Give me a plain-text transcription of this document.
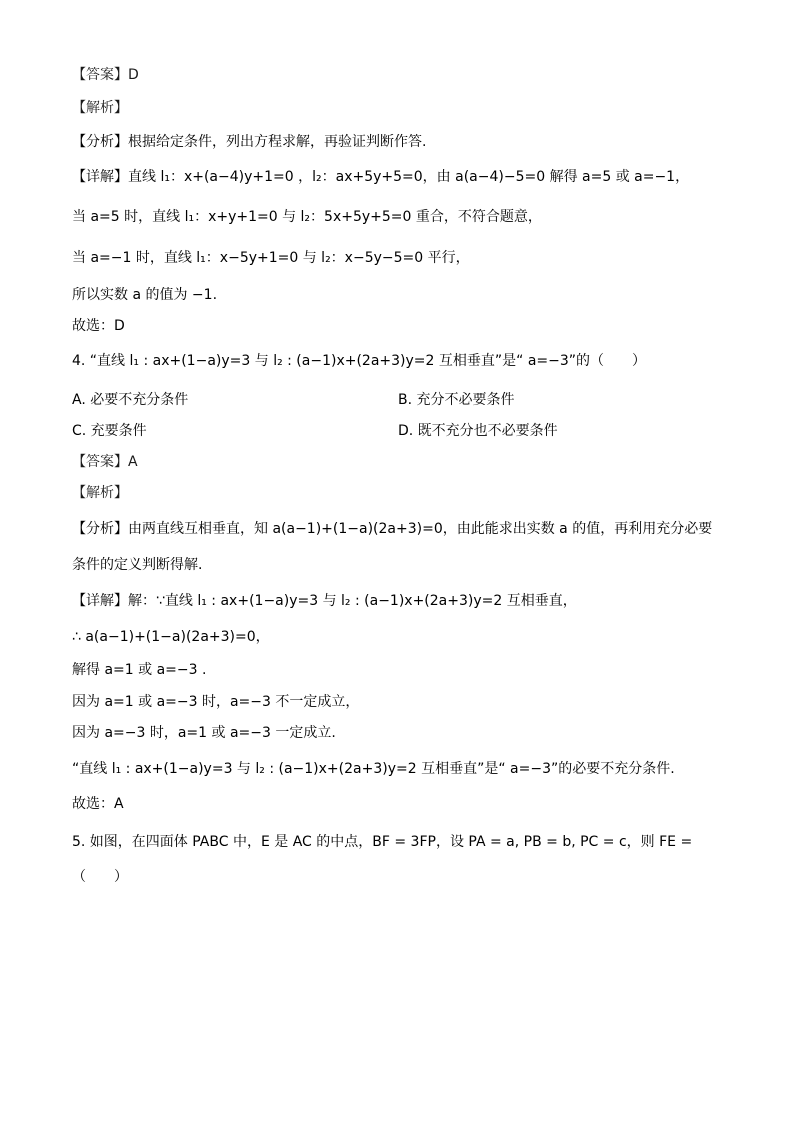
【答案】D
【解析】
【分析】根据给定条件，列出方程求解，再验证判断作答.
【详解】直线 l₁：x+(a−4)y+1=0 ，l₂：ax+5y+5=0，由 a(a−4)−5=0 解得 a=5 或 a=−1，
当 a=5 时，直线 l₁：x+y+1=0 与 l₂：5x+5y+5=0 重合，不符合题意，
当 a=−1 时，直线 l₁：x−5y+1=0 与 l₂：x−5y−5=0 平行，
所以实数 a 的值为 −1.
故选：D
4. “直线 l₁ : ax+(1−a)y=3 与 l₂ : (a−1)x+(2a+3)y=2 互相垂直”是“ a=−3”的（　　）
A. 必要不充分条件	B. 充分不必要条件
C. 充要条件	D. 既不充分也不必要条件
【答案】A
【解析】
【分析】由两直线互相垂直，知 a(a−1)+(1−a)(2a+3)=0，由此能求出实数 a 的值，再利用充分必要
条件的定义判断得解.
【详解】解：∵直线 l₁ : ax+(1−a)y=3 与 l₂ : (a−1)x+(2a+3)y=2 互相垂直，
∴ a(a−1)+(1−a)(2a+3)=0，
解得 a=1 或 a=−3 .
因为 a=1 或 a=−3 时，a=−3 不一定成立，
因为 a=−3 时，a=1 或 a=−3 一定成立.
“直线 l₁ : ax+(1−a)y=3 与 l₂ : (a−1)x+(2a+3)y=2 互相垂直”是“ a=−3”的必要不充分条件.
故选：A
5. 如图，在四面体 PABC 中，E 是 AC 的中点，BF = 3FP，设 PA = a, PB = b, PC = c，则 FE =
（　　）
